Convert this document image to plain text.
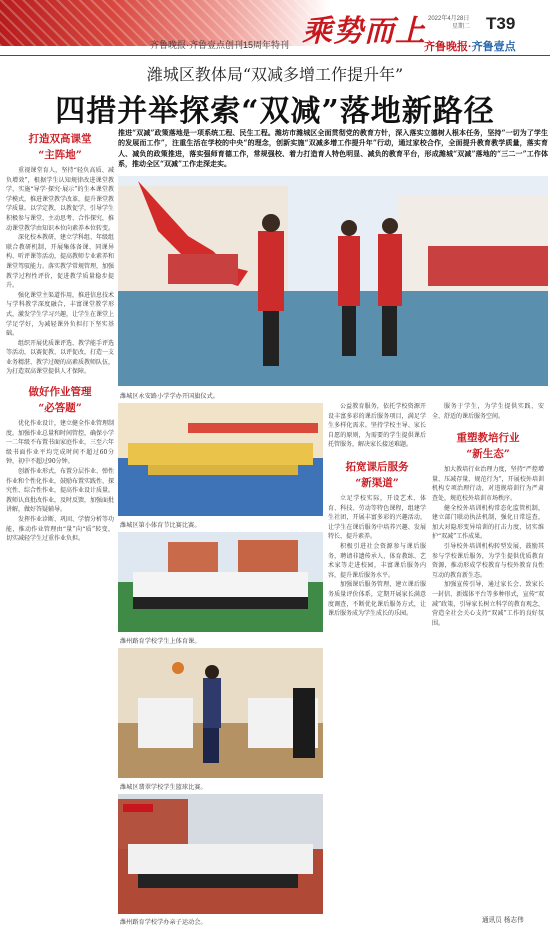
乘势而上
齐鲁晚报·齐鲁壹点创刊15周年特刊
2022年4月28日
星期二 T39
齐鲁晚报·齐鲁壹点
潍城区教体局“双减多增工作提升年”
四措并举探索“双减”落地新路径
打造双高课堂
“主阵地”

重视课堂育人，坚持“轻负高质、减负增效”，根据学生认知规律改进课堂教学，实施“导学·探究·展示”的生本课堂教学模式，推进课堂教学改革，提升课堂教学质量。以学定教，以教促学，引导学生积极参与课堂、主动思考、合作探究，推动课堂教学由知识本位向素养本位转变。

深化校本教研，建立学科组、年级组联合教研机制，开展集体备课、同课异构、听评课等活动，提高教师专业素养和课堂驾驭能力。落实教学常规管理，加强教学过程性评价，促进教学质量稳步提升。

强化课堂主渠道作用，推进信息技术与学科教学深度融合，丰富课堂教学形式，激发学生学习兴趣，让学生在课堂上学足学好，为减轻课外负担打下坚实基础。

组织开展优质课评选、教学能手评选等活动，以赛促教、以评促改，打造一支业务精湛、教学过硬的高素质教师队伍，为打造双高课堂提供人才保障。

做好作业管理
“必答题”

优化作业设计，建立健全作业管理制度，加强作业总量和时间管控，确保小学一二年级不布置书面家庭作业，三至六年级书面作业平均完成时间不超过60分钟，初中不超过90分钟。

创新作业形式，布置分层作业、弹性作业和个性化作业，鼓励布置实践性、探究性、综合性作业，提高作业设计质量。教师认真批改作业，及时反馈，加强面批讲解，做好答疑辅导。

发挥作业诊断、巩固、学情分析等功能，推动作业管理由“量”向“质”转变，切实减轻学生过重作业负担。

推进“双减”政策落地是一项系统工程、民生工程。潍坊市潍城区全面贯彻党的教育方针，深入落实立德树人根本任务，坚持“一切为了学生的发展而工作”，注重生活在学校的中央“的理念，创新实施“双减多增工作提升年”行动，通过家校合作，全面提升教育教学质量，落实育人、减负的政策推进，落实强师育德工作，常规强校、着力打造育人特色明显、减负的教育平台，形成潍城“双减”落地的“三二一”工作体系，推动全区“双减”工作走深走实。
潍城区永安路小学学办开国旗仪式。
潍城区第小体育节比赛比赛。
潍州路育学校学生上体育课。
潍城区翡翠学校学生篮球比赛。
潍州路育学校学办亲子运动会。

公益教育服务，依托学校资源开设丰富多彩的课后服务项目，满足学生多样化需求。坚持学校主导、家长自愿的原则，为需要的学生提供课后托管服务，解决家长接送难题。

拓宽课后服务
“新渠道”

立足学校实际，开设艺术、体育、科技、劳动等特色课程，组建学生社团，开展丰富多彩的兴趣活动，让学生在课后服务中培养兴趣、发展特长、提升素养。

积极引进社会资源参与课后服务，聘请非遗传承人、体育教练、艺术家等走进校园，丰富课后服务内容，提升课后服务水平。

加强课后服务管理，建立课后服务质量评价体系，定期开展家长满意度调查，不断优化课后服务方式，让课后服务成为学生成长的乐园。

服务于学生，为学生提供实践、安全、舒适的课后服务空间。

重塑教培行业
“新生态”

加大教培行业治理力度，坚持“严控增量、压减存量、规范行为”，开展校外培训机构专项治理行动，对违规培训行为严肃查处，规范校外培训市场秩序。

健全校外培训机构常态化监管机制，建立部门联动执法机制，强化日常巡查，加大对隐形变异培训的打击力度，切实维护“双减”工作成果。

引导校外培训机构转型发展，鼓励其参与学校课后服务，为学生提供优质教育资源，推动形成学校教育与校外教育良性互动的教育新生态。

加强宣传引导，通过家长会、致家长一封信、新媒体平台等多种形式，宣传“双减”政策，引导家长树立科学的教育观念，营造全社会关心支持“双减”工作的良好氛围。

通讯员 杨志伟
